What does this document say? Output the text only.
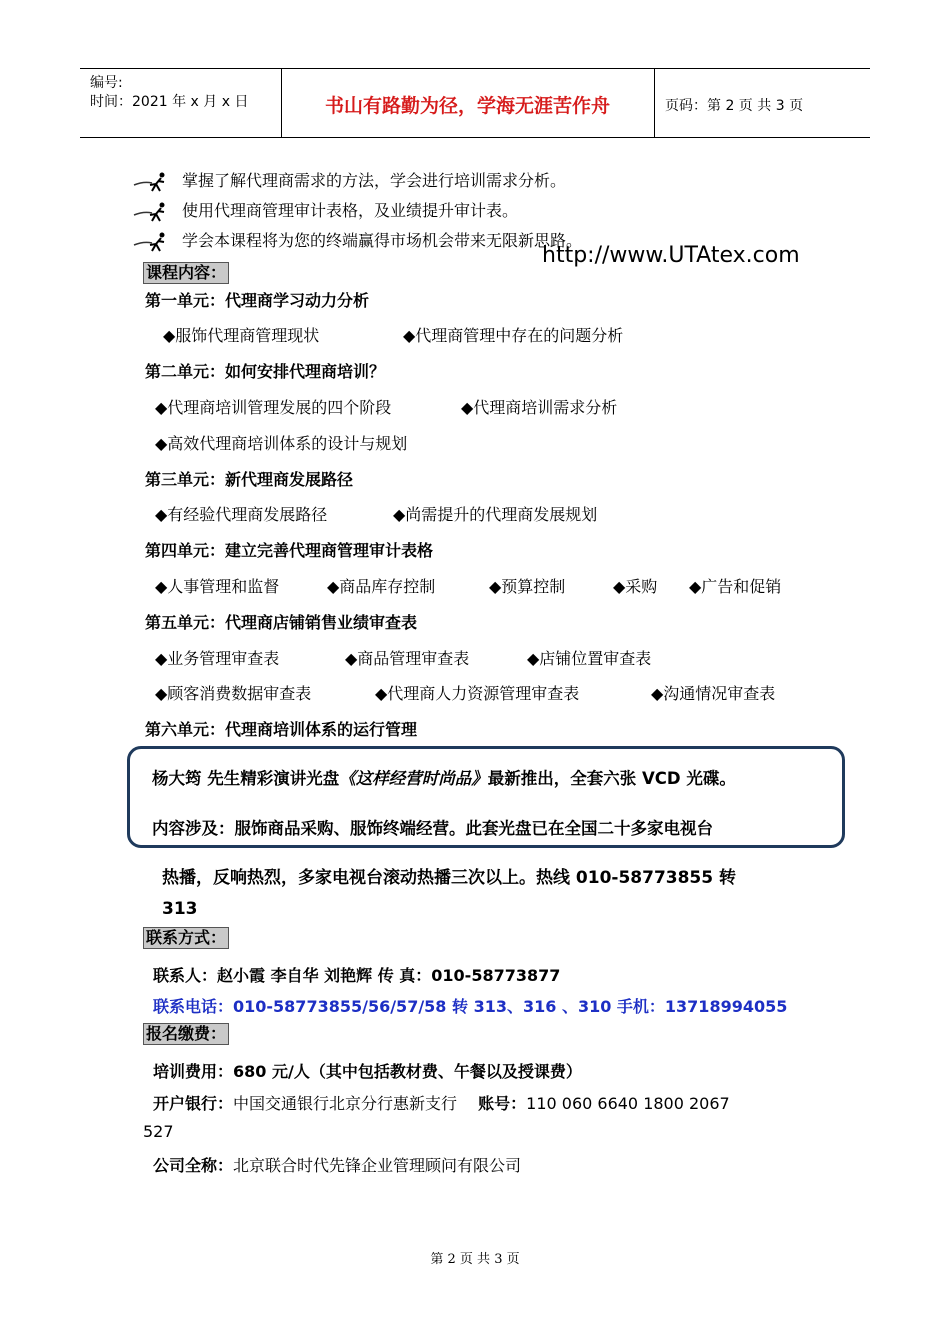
编号:
时间：2021 年 x 月 x 日	书山有路勤为径，学海无涯苦作舟	页码：第 2 页 共 3 页
掌握了解代理商需求的方法，学会进行培训需求分析。
使用代理商管理审计表格，及业绩提升审计表。
学会本课程将为您的终端赢得市场机会带来无限新思路。
http://www.UTAtex.com
课程内容：
第一单元：代理商学习动力分析
◆服饰代理商管理现状	◆代理商管理中存在的问题分析
第二单元：如何安排代理商培训？
◆代理商培训管理发展的四个阶段	◆代理商培训需求分析
◆高效代理商培训体系的设计与规划
第三单元：新代理商发展路径
◆有经验代理商发展路径	◆尚需提升的代理商发展规划
第四单元：建立完善代理商管理审计表格
◆人事管理和监督	◆商品库存控制	◆预算控制	◆采购 ◆广告和促销
第五单元：代理商店铺销售业绩审查表
◆业务管理审查表	◆商品管理审查表	◆店铺位置审查表
◆顾客消费数据审查表	◆代理商人力资源管理审查表	◆沟通情况审查表
第六单元：代理商培训体系的运行管理
杨大筠 先生精彩演讲光盘《这样经营时尚品》最新推出，全套六张 VCD 光碟。
内容涉及：服饰商品采购、服饰终端经营。此套光盘已在全国二十多家电视台
热播，反响热烈，多家电视台滚动热播三次以上。热线 010-58773855 转
313
联系方式：
联系人：赵小霞 李自华 刘艳辉 传 真：010-58773877
联系电话：010-58773855/56/57/58 转 313、316 、310 手机：13718994055
报名缴费：
培训费用：680 元/人（其中包括教材费、午餐以及授课费）
开户银行：中国交通银行北京分行惠新支行 账号：110 060 6640 1800 2067
527
公司全称：北京联合时代先锋企业管理顾问有限公司
第 2 页 共 3 页
